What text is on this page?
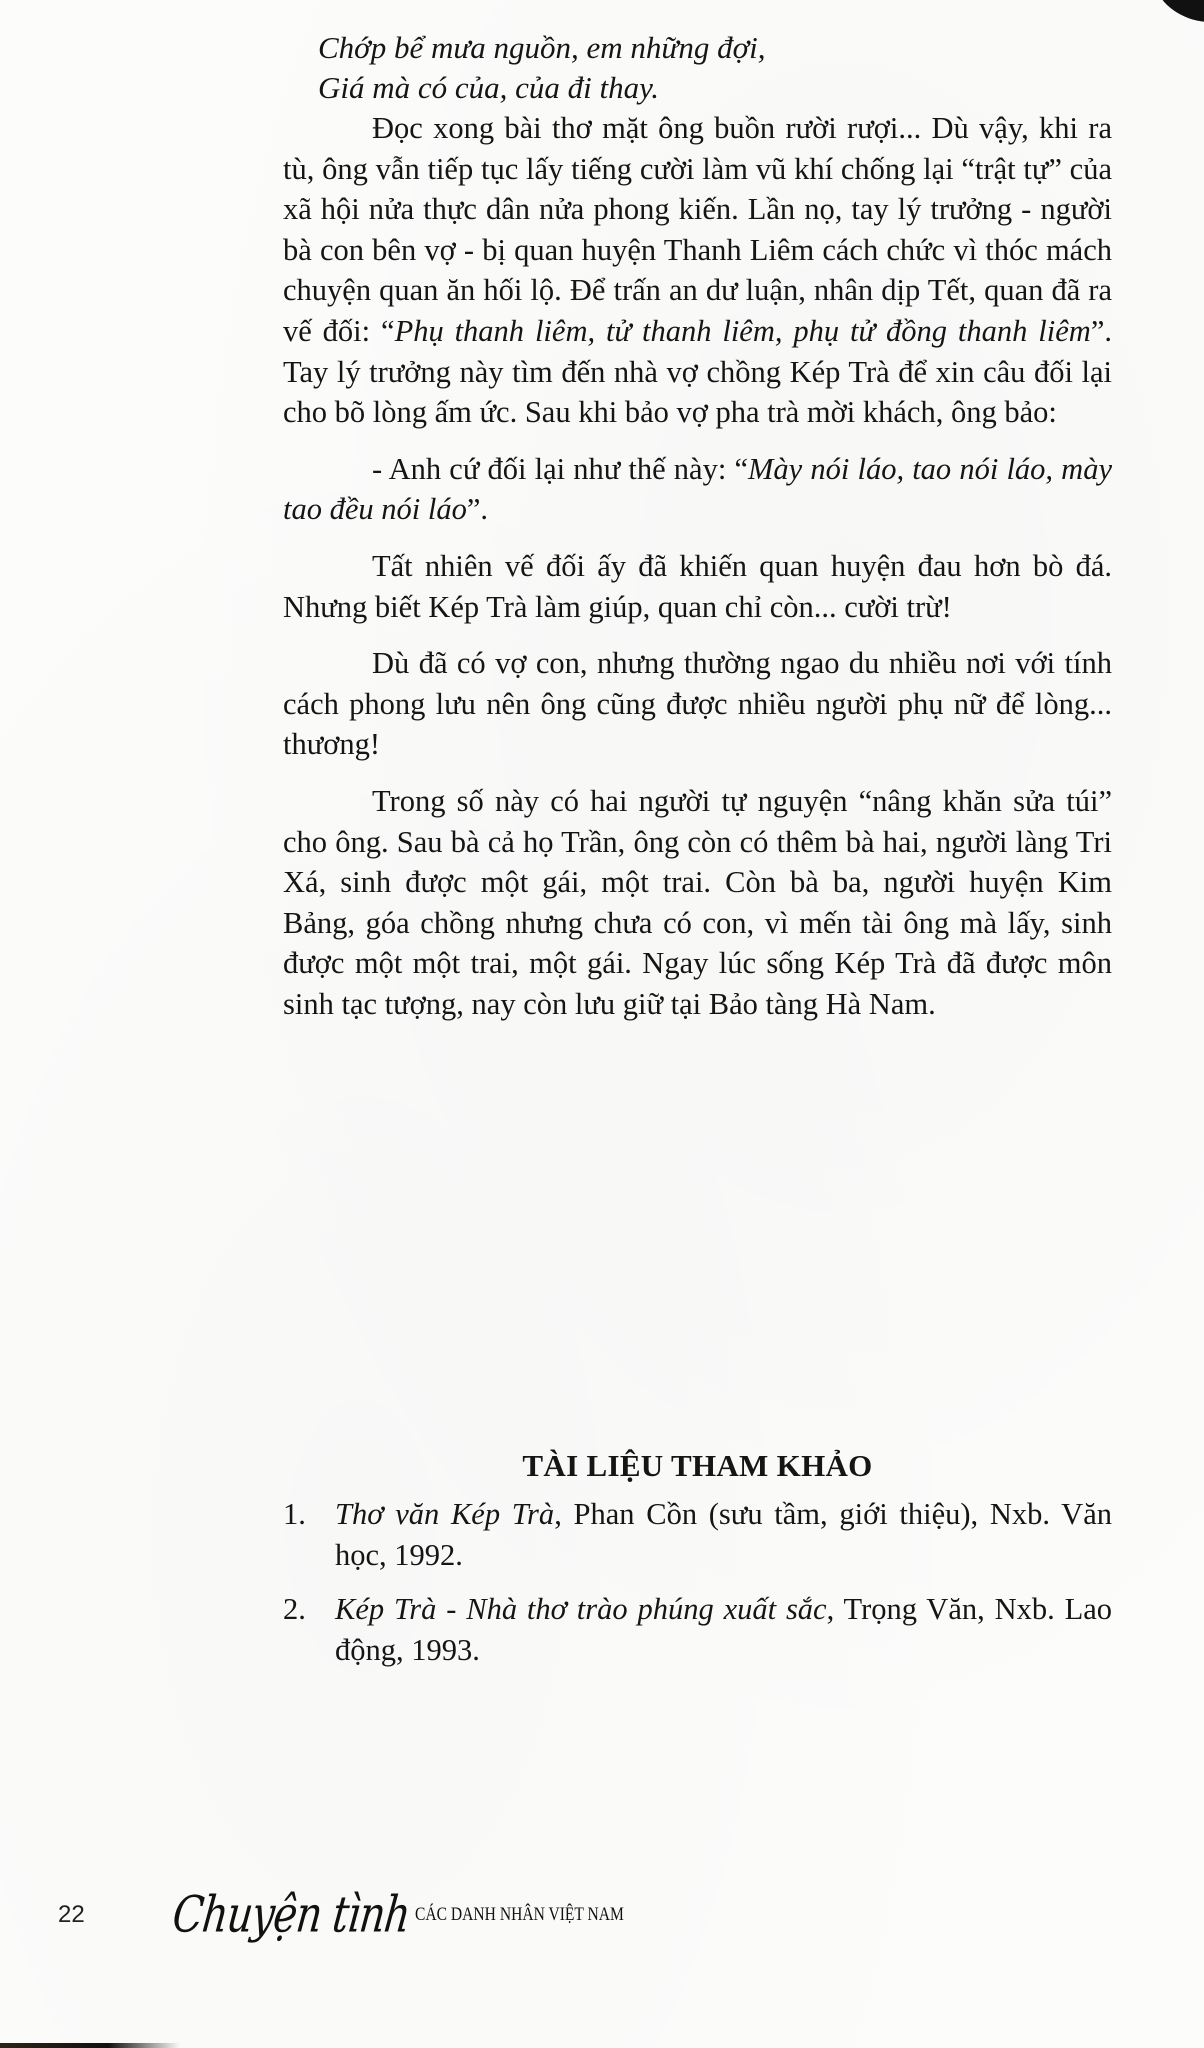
Chớp bể mưa nguồn, em những đợi,
Giá mà có của, của đi thay.

Đọc xong bài thơ mặt ông buồn rười rượi... Dù vậy, khi ra tù, ông vẫn tiếp tục lấy tiếng cười làm vũ khí chống lại “trật tự” của xã hội nửa thực dân nửa phong kiến. Lần nọ, tay lý trưởng - người bà con bên vợ - bị quan huyện Thanh Liêm cách chức vì thóc mách chuyện quan ăn hối lộ. Để trấn an dư luận, nhân dịp Tết, quan đã ra vế đối: “Phụ thanh liêm, tử thanh liêm, phụ tử đồng thanh liêm”. Tay lý trưởng này tìm đến nhà vợ chồng Kép Trà để xin câu đối lại cho bõ lòng ấm ức. Sau khi bảo vợ pha trà mời khách, ông bảo:

- Anh cứ đối lại như thế này: “Mày nói láo, tao nói láo, mày tao đều nói láo”.

Tất nhiên vế đối ấy đã khiến quan huyện đau hơn bò đá. Nhưng biết Kép Trà làm giúp, quan chỉ còn... cười trừ!

Dù đã có vợ con, nhưng thường ngao du nhiều nơi với tính cách phong lưu nên ông cũng được nhiều người phụ nữ để lòng... thương!

Trong số này có hai người tự nguyện “nâng khăn sửa túi” cho ông. Sau bà cả họ Trần, ông còn có thêm bà hai, người làng Tri Xá, sinh được một gái, một trai. Còn bà ba, người huyện Kim Bảng, góa chồng nhưng chưa có con, vì mến tài ông mà lấy, sinh được một một trai, một gái. Ngay lúc sống Kép Trà đã được môn sinh tạc tượng, nay còn lưu giữ tại Bảo tàng Hà Nam.

TÀI LIỆU THAM KHẢO
1. Thơ văn Kép Trà, Phan Cồn (sưu tầm, giới thiệu), Nxb. Văn học, 1992.
2. Kép Trà - Nhà thơ trào phúng xuất sắc, Trọng Văn, Nxb. Lao động, 1993.
22	Chuyện tình CÁC DANH NHÂN VIỆT NAM
